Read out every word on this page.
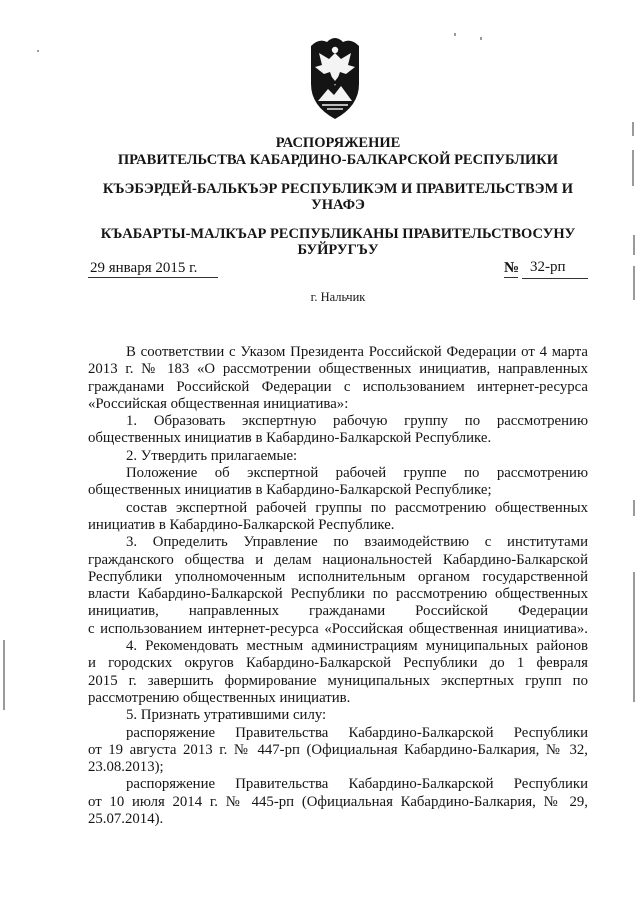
РАСПОРЯЖЕНИЕ
ПРАВИТЕЛЬСТВА КАБАРДИНО-БАЛКАРСКОЙ РЕСПУБЛИКИ
КЪЭБЭРДЕЙ-БАЛЬКЪЭР РЕСПУБЛИКЭМ И ПРАВИТЕЛЬСТВЭМ И
УНАФЭ
КЪАБАРТЫ-МАЛКЪАР РЕСПУБЛИКАНЫ ПРАВИТЕЛЬСТВОСУНУ
БУЙРУГЪУ
29 января 2015 г.	№ 32-рп
г. Нальчик
В соответствии с Указом Президента Российской Федерации от 4 марта
2013 г. № 183 «О рассмотрении общественных инициатив, направленных
гражданами Российской Федерации с использованием интернет-ресурса
«Российская общественная инициатива»:
1. Образовать экспертную рабочую группу по рассмотрению
общественных инициатив в Кабардино-Балкарской Республике.
2. Утвердить прилагаемые:
Положение об экспертной рабочей группе по рассмотрению
общественных инициатив в Кабардино-Балкарской Республике;
состав экспертной рабочей группы по рассмотрению общественных
инициатив в Кабардино-Балкарской Республике.
3. Определить Управление по взаимодействию с институтами
гражданского общества и делам национальностей Кабардино-Балкарской
Республики уполномоченным исполнительным органом государственной
власти Кабардино-Балкарской Республики по рассмотрению общественных
инициатив, направленных гражданами Российской Федерации
с использованием интернет-ресурса «Российская общественная инициатива».
4. Рекомендовать местным администрациям муниципальных районов
и городских округов Кабардино-Балкарской Республики до 1 февраля
2015 г. завершить формирование муниципальных экспертных групп по
рассмотрению общественных инициатив.
5. Признать утратившими силу:
распоряжение Правительства Кабардино-Балкарской Республики
от 19 августа 2013 г. № 447-рп (Официальная Кабардино-Балкария, № 32,
23.08.2013);
распоряжение Правительства Кабардино-Балкарской Республики
от 10 июля 2014 г. № 445-рп (Официальная Кабардино-Балкария, № 29,
25.07.2014).
